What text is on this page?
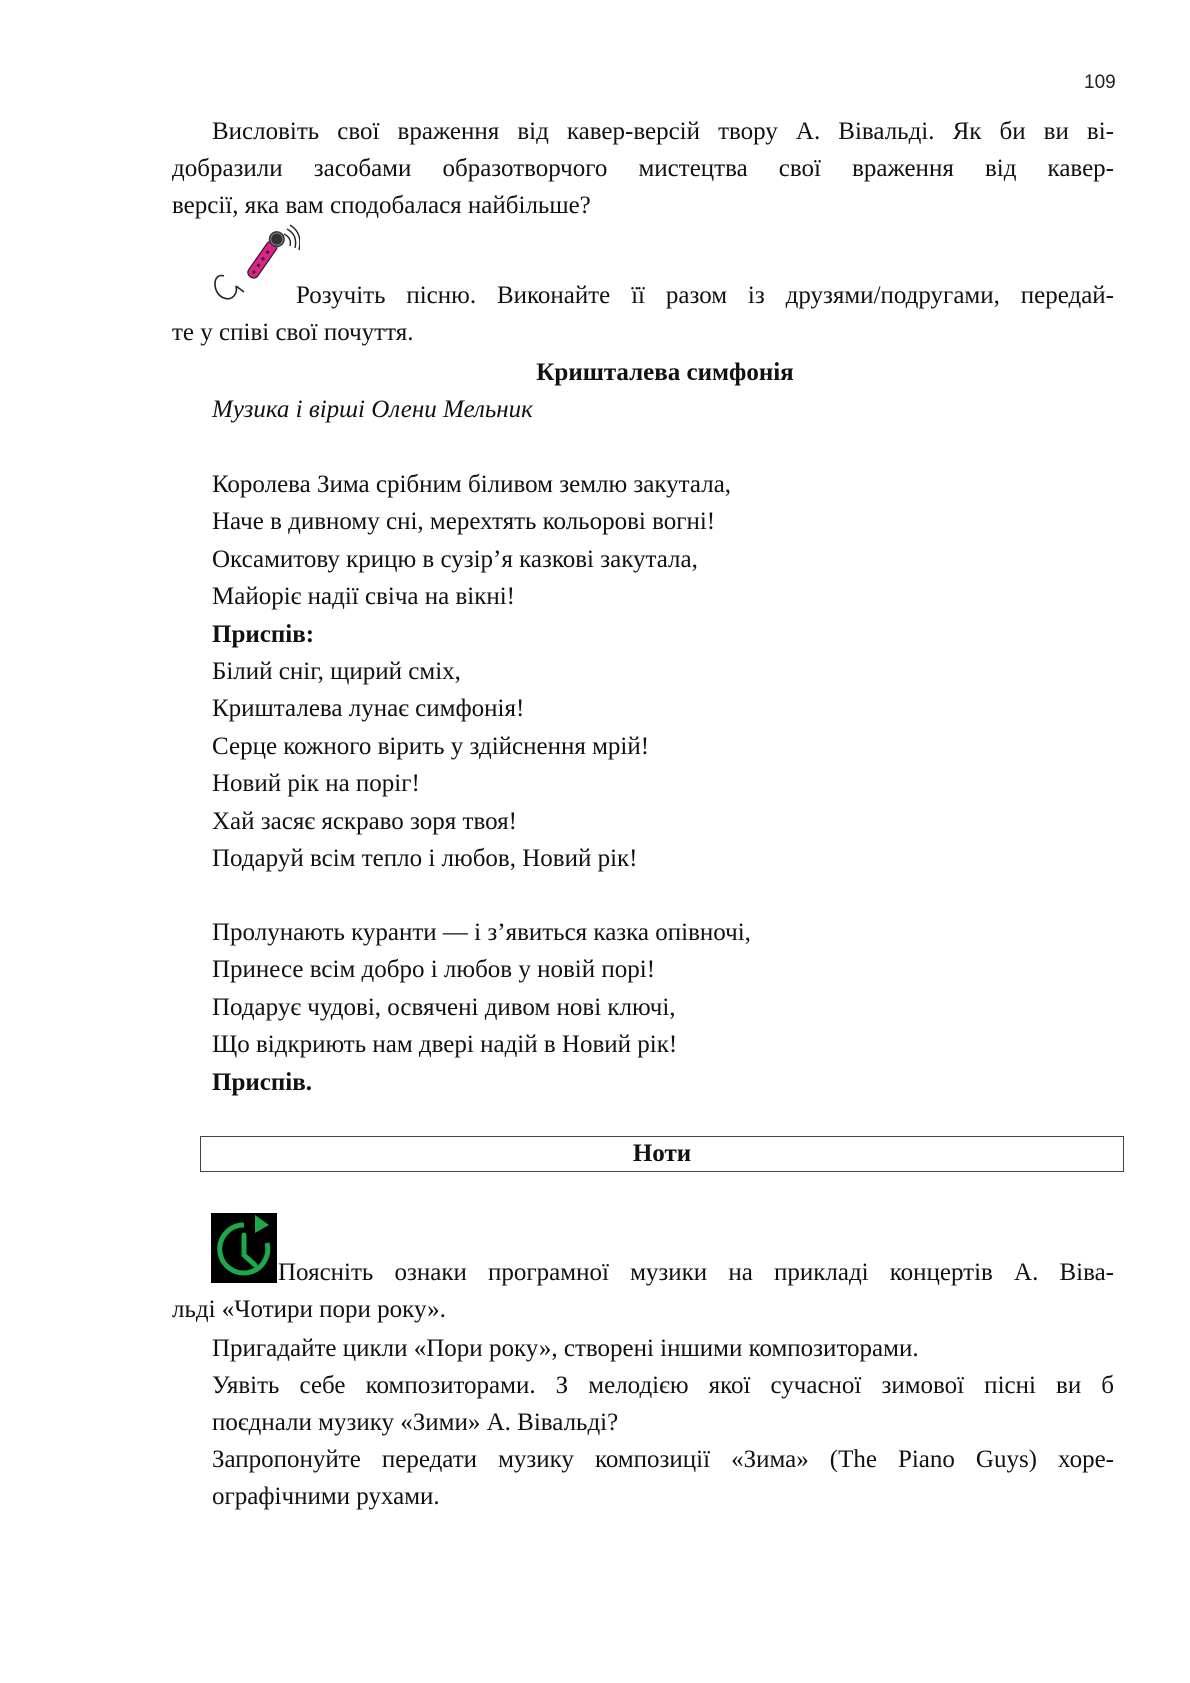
109
Висловіть свої враження від кавер-версій твору А. Вівальді. Як би ви ві-
добразили засобами образотворчого мистецтва свої враження від кавер-
версії, яка вам сподобалася найбільше?
Розучіть пісню. Виконайте її разом із друзями/подругами, передай-
те у співі свої почуття.
Кришталева симфонія
Музика і вірші Олени Мельник
Королева Зима срібним біливом землю закутала,
Наче в дивному сні, мерехтять кольорові вогні!
Оксамитову крицю в сузір’я казкові закутала,
Майоріє надії свіча на вікні!
Приспів:
Білий сніг, щирий сміх,
Кришталева лунає симфонія!
Серце кожного вірить у здійснення мрій!
Новий рік на поріг!
Хай засяє яскраво зоря твоя!
Подаруй всім тепло і любов, Новий рік!
Пролунають куранти — і з’явиться казка опівночі,
Принесе всім добро і любов у новій порі!
Подарує чудові, освячені дивом нові ключі,
Що відкриють нам двері надій в Новий рік!
Приспів.
Ноти
Поясніть ознаки програмної музики на прикладі концертів А. Віва-
льді «Чотири пори року».
Пригадайте цикли «Пори року», створені іншими композиторами.
Уявіть себе композиторами. З мелодією якої сучасної зимової пісні ви б
поєднали музику «Зими» А. Вівальді?
Запропонуйте передати музику композиції «Зима» (The Piano Guys) хоре-
ографічними рухами.
